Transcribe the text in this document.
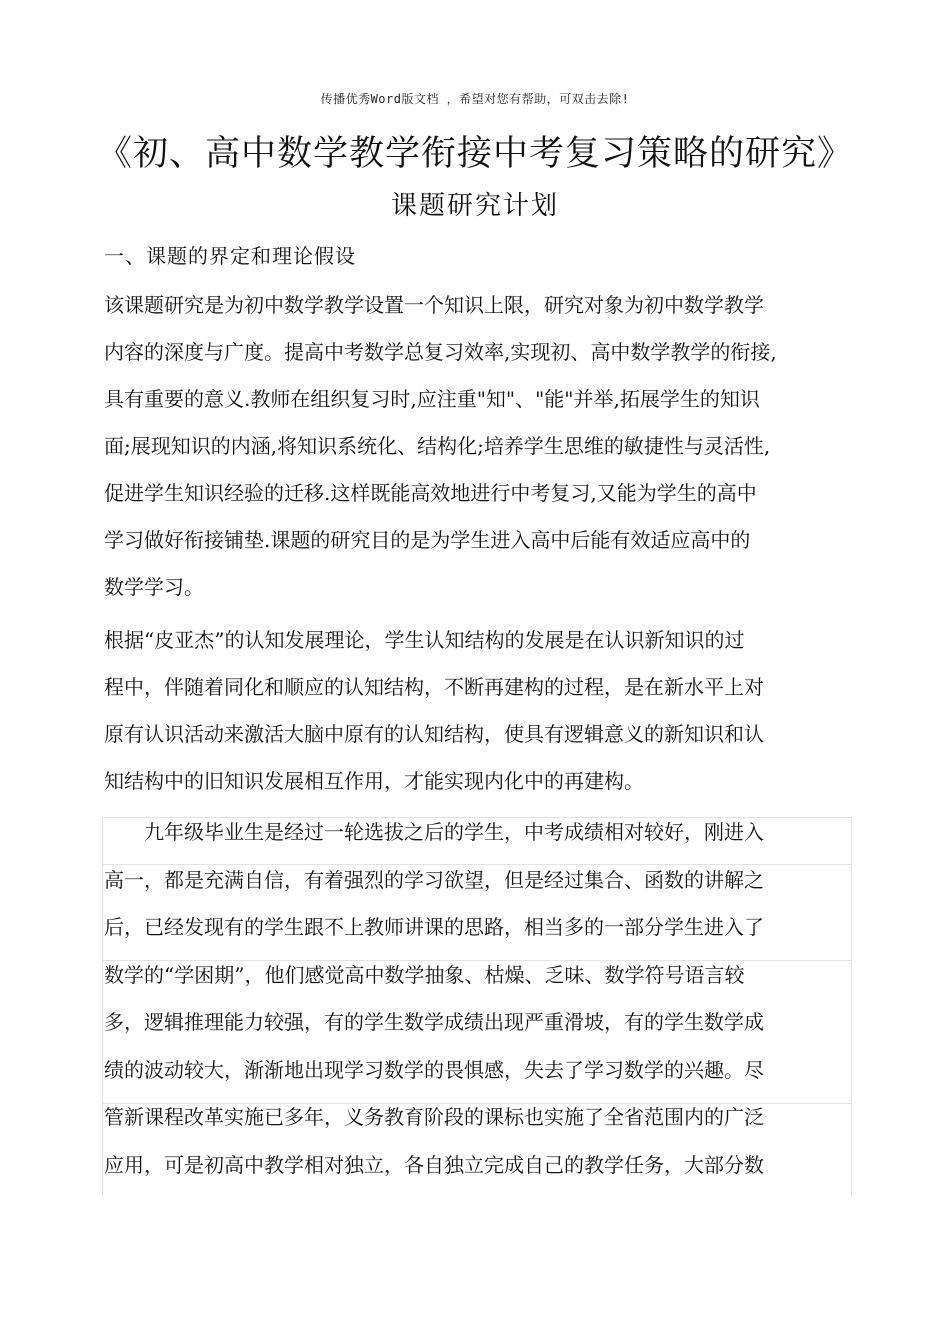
传播优秀Word版文档 ，希望对您有帮助，可双击去除!
《初、高中数学教学衔接中考复习策略的研究》
课题研究计划
一、课题的界定和理论假设
该课题研究是为初中数学教学设置一个知识上限，研究对象为初中数学教学
内容的深度与广度。提高中考数学总复习效率,实现初、高中数学教学的衔接,
具有重要的意义.教师在组织复习时,应注重"知"、"能"并举,拓展学生的知识
面;展现知识的内涵,将知识系统化、结构化;培养学生思维的敏捷性与灵活性,
促进学生知识经验的迁移.这样既能高效地进行中考复习,又能为学生的高中
学习做好衔接铺垫.课题的研究目的是为学生进入高中后能有效适应高中的
数学学习。
根据“皮亚杰”的认知发展理论，学生认知结构的发展是在认识新知识的过
程中，伴随着同化和顺应的认知结构，不断再建构的过程，是在新水平上对
原有认识活动来激活大脑中原有的认知结构，使具有逻辑意义的新知识和认
知结构中的旧知识发展相互作用，才能实现内化中的再建构。
　　九年级毕业生是经过一轮选拔之后的学生，中考成绩相对较好，刚进入
高一，都是充满自信，有着强烈的学习欲望，但是经过集合、函数的讲解之
后，已经发现有的学生跟不上教师讲课的思路，相当多的一部分学生进入了
数学的“学困期”，他们感觉高中数学抽象、枯燥、乏味、数学符号语言较
多，逻辑推理能力较强，有的学生数学成绩出现严重滑坡，有的学生数学成
绩的波动较大，渐渐地出现学习数学的畏惧感，失去了学习数学的兴趣。尽
管新课程改革实施已多年，义务教育阶段的课标也实施了全省范围内的广泛
应用，可是初高中教学相对独立，各自独立完成自己的教学任务，大部分数
